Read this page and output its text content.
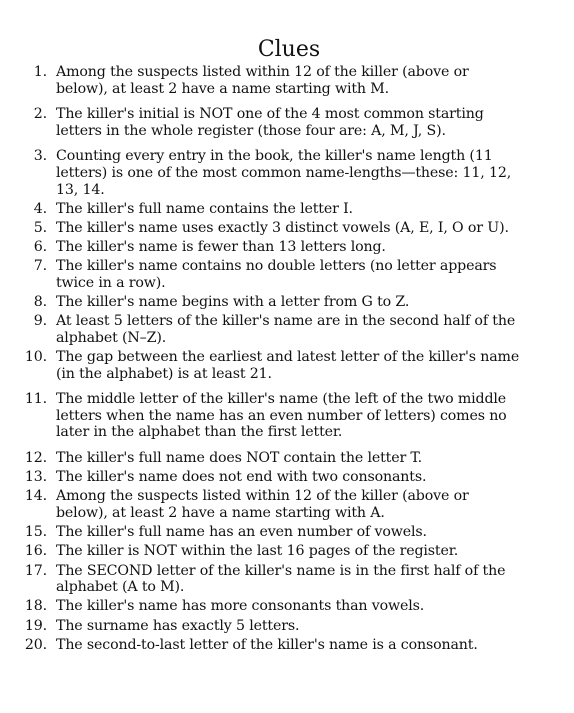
Clues
1. Among the suspects listed within 12 of the killer (above or below), at least 2 have a name starting with M.
2. The killer's initial is NOT one of the 4 most common starting letters in the whole register (those four are: A, M, J, S).
3. Counting every entry in the book, the killer's name length (11 letters) is one of the most common name-lengths—these: 11, 12, 13, 14.
4. The killer's full name contains the letter I.
5. The killer's name uses exactly 3 distinct vowels (A, E, I, O or U).
6. The killer's name is fewer than 13 letters long.
7. The killer's name contains no double letters (no letter appears twice in a row).
8. The killer's name begins with a letter from G to Z.
9. At least 5 letters of the killer's name are in the second half of the alphabet (N–Z).
10. The gap between the earliest and latest letter of the killer's name (in the alphabet) is at least 21.
11. The middle letter of the killer's name (the left of the two middle letters when the name has an even number of letters) comes no later in the alphabet than the first letter.
12. The killer's full name does NOT contain the letter T.
13. The killer's name does not end with two consonants.
14. Among the suspects listed within 12 of the killer (above or below), at least 2 have a name starting with A.
15. The killer's full name has an even number of vowels.
16. The killer is NOT within the last 16 pages of the register.
17. The SECOND letter of the killer's name is in the first half of the alphabet (A to M).
18. The killer's name has more consonants than vowels.
19. The surname has exactly 5 letters.
20. The second-to-last letter of the killer's name is a consonant.
